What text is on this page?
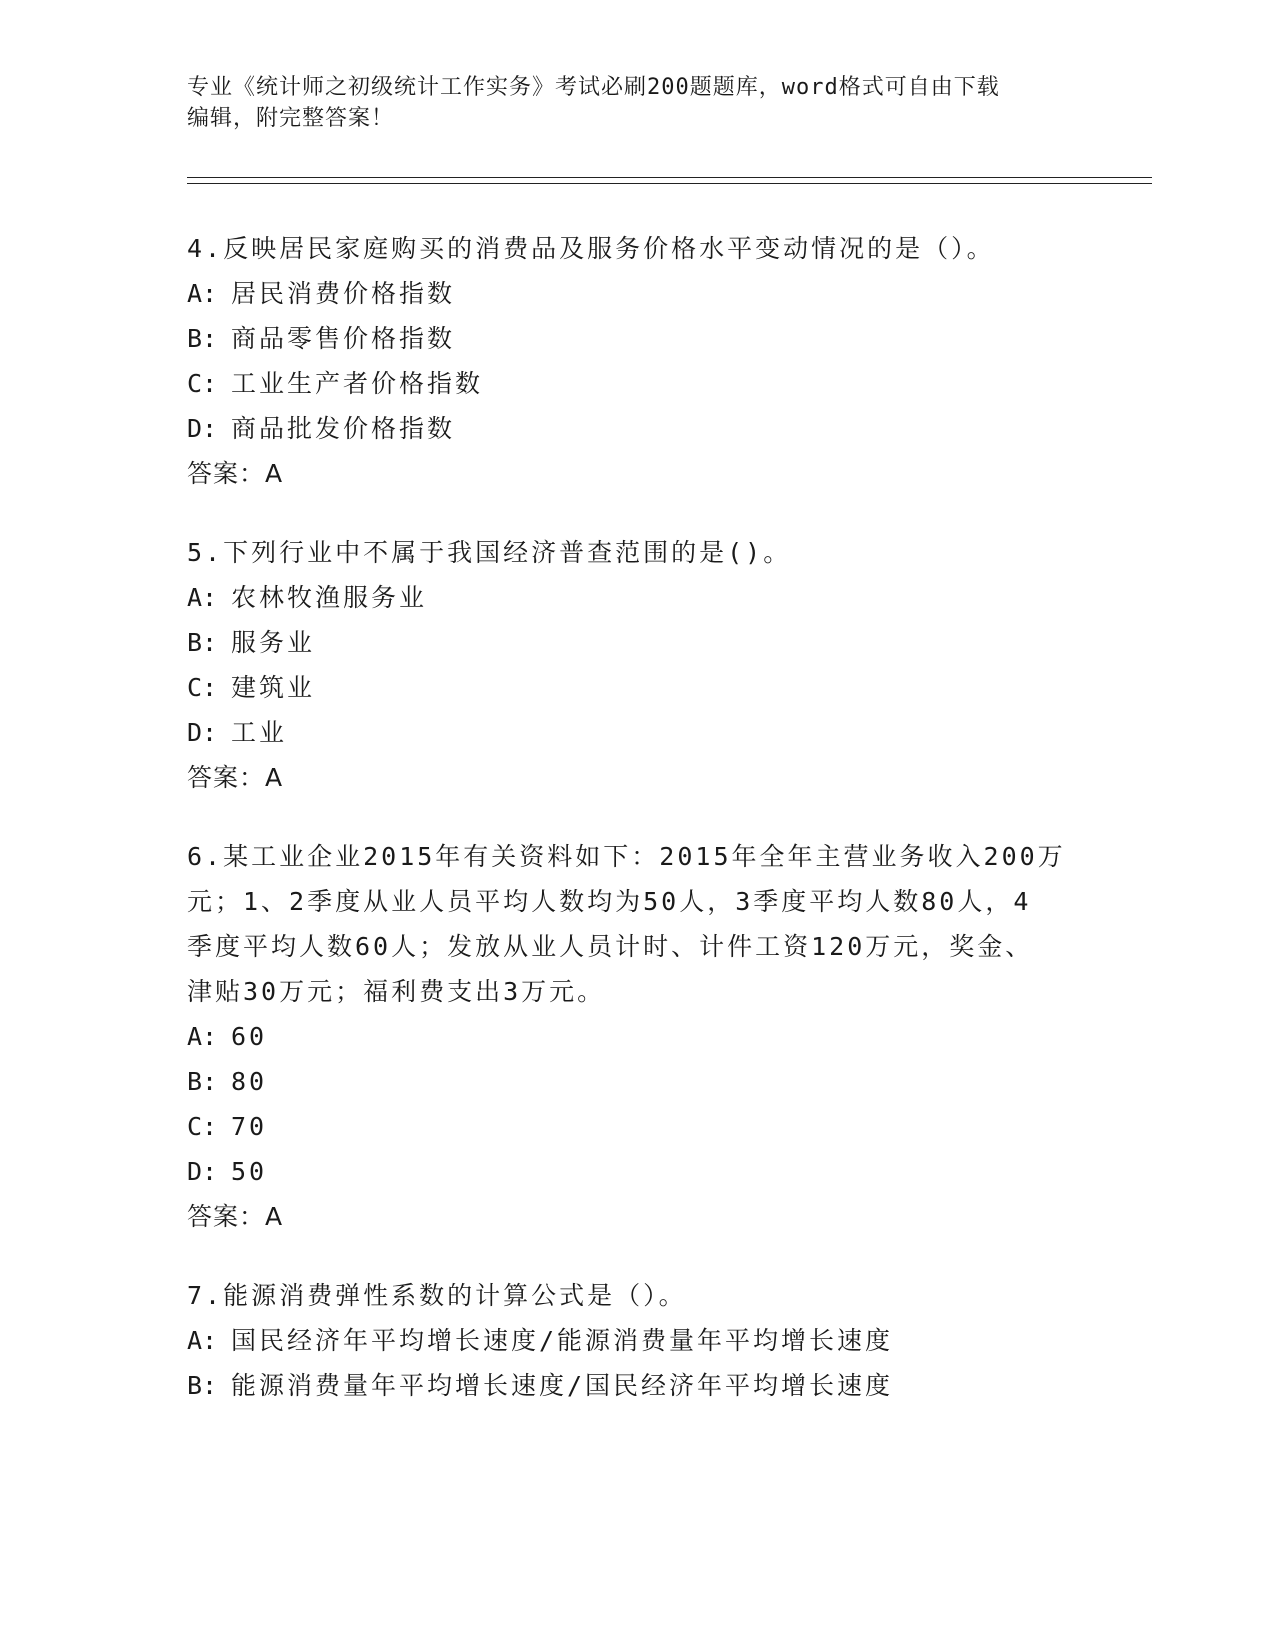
专业《统计师之初级统计工作实务》考试必刷200题题库，word格式可自由下载
编辑，附完整答案！

4.反映居民家庭购买的消费品及服务价格水平变动情况的是（）。

A: 居民消费价格指数

B: 商品零售价格指数

C: 工业生产者价格指数

D: 商品批发价格指数

答案：A

5.下列行业中不属于我国经济普查范围的是()。

A: 农林牧渔服务业

B: 服务业

C: 建筑业

D: 工业

答案：A

6.某工业企业2015年有关资料如下：2015年全年主营业务收入200万
元；1、2季度从业人员平均人数均为50人，3季度平均人数80人，4
季度平均人数60人；发放从业人员计时、计件工资120万元，奖金、
津贴30万元；福利费支出3万元。

A: 60

B: 80

C: 70

D: 50

答案：A

7.能源消费弹性系数的计算公式是（）。

A: 国民经济年平均增长速度/能源消费量年平均增长速度

B: 能源消费量年平均增长速度/国民经济年平均增长速度
